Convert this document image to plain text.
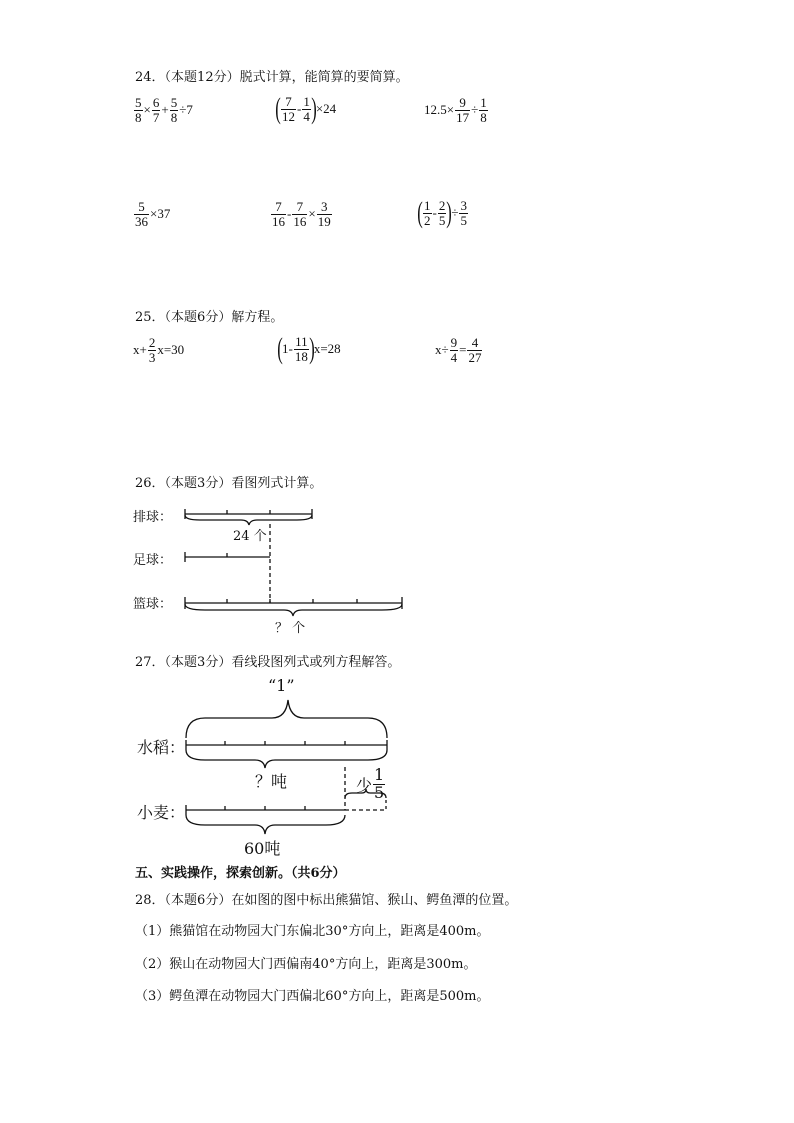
24．（本题12分）脱式计算，能简算的要简算。
$\frac{5}{8} \times \frac{6}{7} + \frac{5}{8} \div 7$	( $\frac{7}{12} - \frac{1}{4}$ ) ×24	$12.5\times \frac{9}{17} \div \frac{1}{8}$
$\frac{5}{36} \times 37$	$\frac{7}{16} - \frac{7}{16} \times \frac{3}{19}$	( $\frac{1}{2} - \frac{2}{5}$ ) ÷ $\frac{3}{5}$
25．（本题6分）解方程。
$x+ \frac{2}{3} x=30$	( $1- \frac{11}{18}$ ) x=28	$x\div \frac{9}{4} = \frac{4}{27}$
26．（本题3分）看图列式计算。
排球：
足球：
篮球：
24 个
？ 个
27．（本题3分）看线段图列式或列方程解答。
“1”
水稻：
？吨	少 $\frac{1}{5}$
小麦：
60吨
五、实践操作，探索创新。（共6分）
28．（本题6分）在如图的图中标出熊猫馆、猴山、鳄鱼潭的位置。
（1）熊猫馆在动物园大门东偏北30°方向上，距离是400m。
（2）猴山在动物园大门西偏南40°方向上，距离是300m。
（3）鳄鱼潭在动物园大门西偏北60°方向上，距离是500m。
